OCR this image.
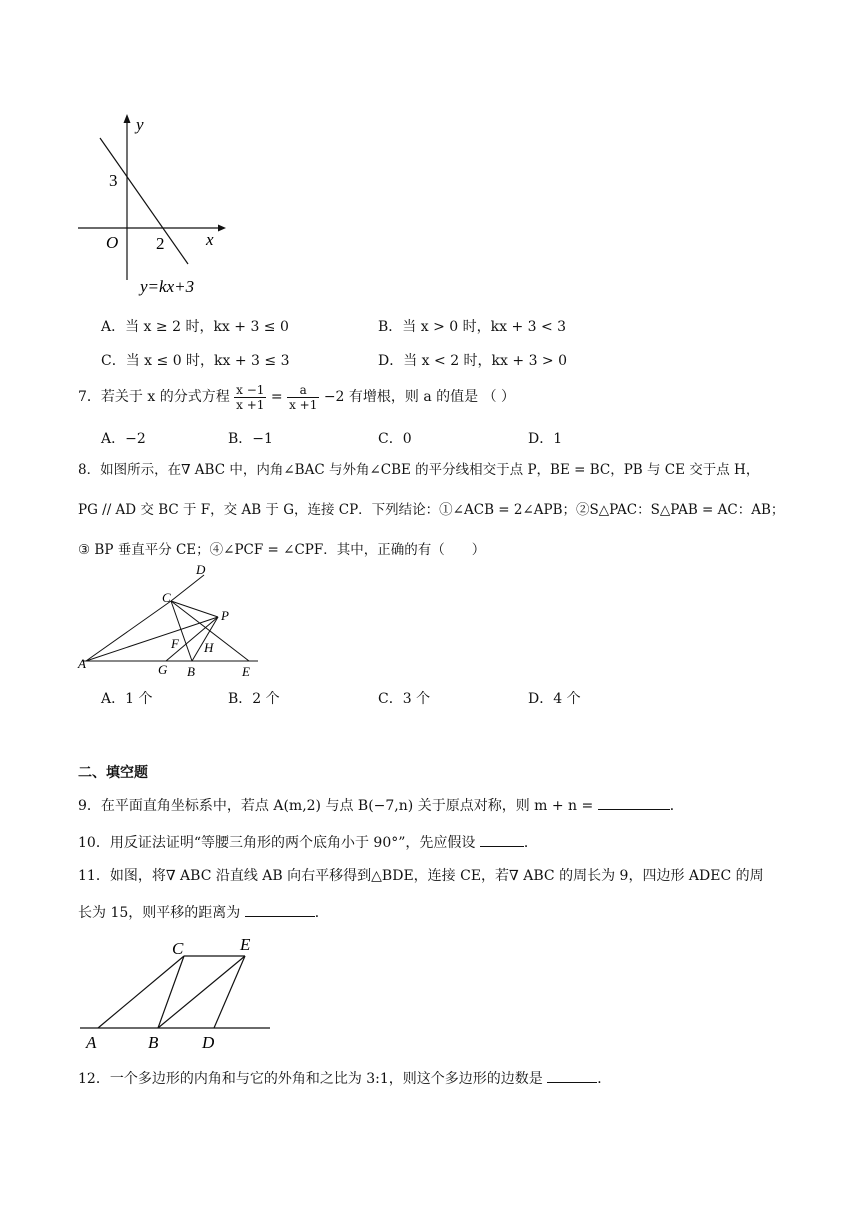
y
x
O
3
2
y=kx+3
A．当 x ≥ 2 时，kx + 3 ≤ 0	B．当 x > 0 时，kx + 3 < 3
C．当 x ≤ 0 时，kx + 3 ≤ 3	D．当 x < 2 时，kx + 3 > 0
7．若关于 x 的分式方程 $\frac{x -1}{x +1} = \frac{a}{x +1} -2$ 有增根，则 a 的值是 （ ）
A．−2	B．−1	C．0	D．1
8．如图所示，在∇ ABC 中，内角∠BAC 与外角∠CBE 的平分线相交于点 P，BE = BC，PB 与 CE 交于点 H，
PG // AD 交 BC 于 F，交 AB 于 G，连接 CP．下列结论：①∠ACB = 2∠APB；②S△PAC：S△PAB = AC：AB；
③ BP 垂直平分 CE；④∠PCF = ∠CPF．其中，正确的有（　　）
D
C
P
F H
A	G B	E
A．1 个	B．2 个	C．3 个	D．4 个
二、填空题
9．在平面直角坐标系中，若点 A(m,2) 与点 B(−7,n) 关于原点对称，则 m + n =	．
10．用反证法证明“等腰三角形的两个底角小于 90°”，先应假设	．
11．如图，将∇ ABC 沿直线 AB 向右平移得到△BDE，连接 CE，若∇ ABC 的周长为 9，四边形 ADEC 的周
长为 15，则平移的距离为	．
C	E
A	B	D
12．一个多边形的内角和与它的外角和之比为 3:1，则这个多边形的边数是	．
